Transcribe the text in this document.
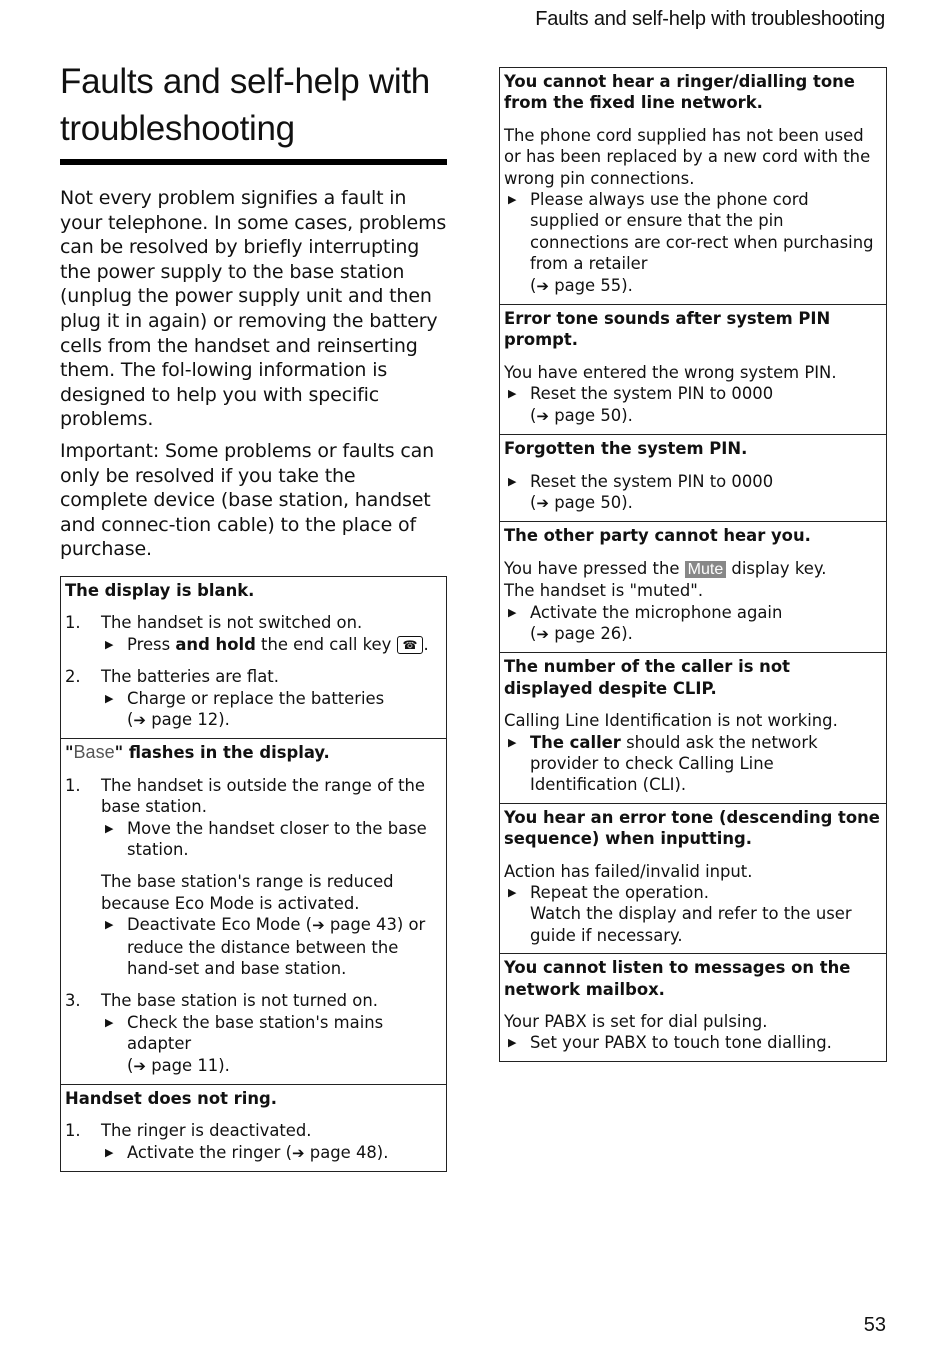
Faults and self-help with troubleshooting
Faults and self-help with troubleshooting

Not every problem signifies a fault in your telephone. In some cases, problems can be resolved by briefly interrupting the power supply to the base station (unplug the power supply unit and then plug it in again) or removing the battery cells from the handset and reinserting them. The fol-lowing information is designed to help you with specific problems.

Important: Some problems or faults can only be resolved if you take the complete device (base station, handset and connec-tion cable) to the place of purchase.

The display is blank.
1.	The handset is not switched on.
▶ Press and hold the end call key ☎ .
2.	The batteries are flat.
▶ Charge or replace the batteries
(➔ page 12).
"Base" flashes in the display.
1.	The handset is outside the range of the base station.
▶ Move the handset closer to the base station.
The base station's range is reduced because Eco Mode is activated.
▶ Deactivate Eco Mode (➔ page 43) or reduce the distance between the hand-set and base station.
3.	The base station is not turned on.
▶ Check the base station's mains adapter
(➔ page 11).
Handset does not ring.
1.	The ringer is deactivated.
▶ Activate the ringer (➔ page 48).
You cannot hear a ringer/dialling tone from the fixed line network.
The phone cord supplied has not been used or has been replaced by a new cord with the wrong pin connections.
▶ Please always use the phone cord supplied or ensure that the pin connections are cor-rect when purchasing from a retailer
(➔ page 55).
Error tone sounds after system PIN prompt.
You have entered the wrong system PIN.
▶ Reset the system PIN to 0000
(➔ page 50).
Forgotten the system PIN.
▶ Reset the system PIN to 0000
(➔ page 50).
The other party cannot hear you.
You have pressed the Mute display key.
The handset is "muted".
▶ Activate the microphone again
(➔ page 26).
The number of the caller is not displayed despite CLIP.
Calling Line Identification is not working.
▶ The caller should ask the network provider to check Calling Line Identification (CLI).
You hear an error tone (descending tone sequence) when inputting.
Action has failed/invalid input.
▶ Repeat the operation.
Watch the display and refer to the user guide if necessary.
You cannot listen to messages on the network mailbox.
Your PABX is set for dial pulsing.
▶ Set your PABX to touch tone dialling.
53
